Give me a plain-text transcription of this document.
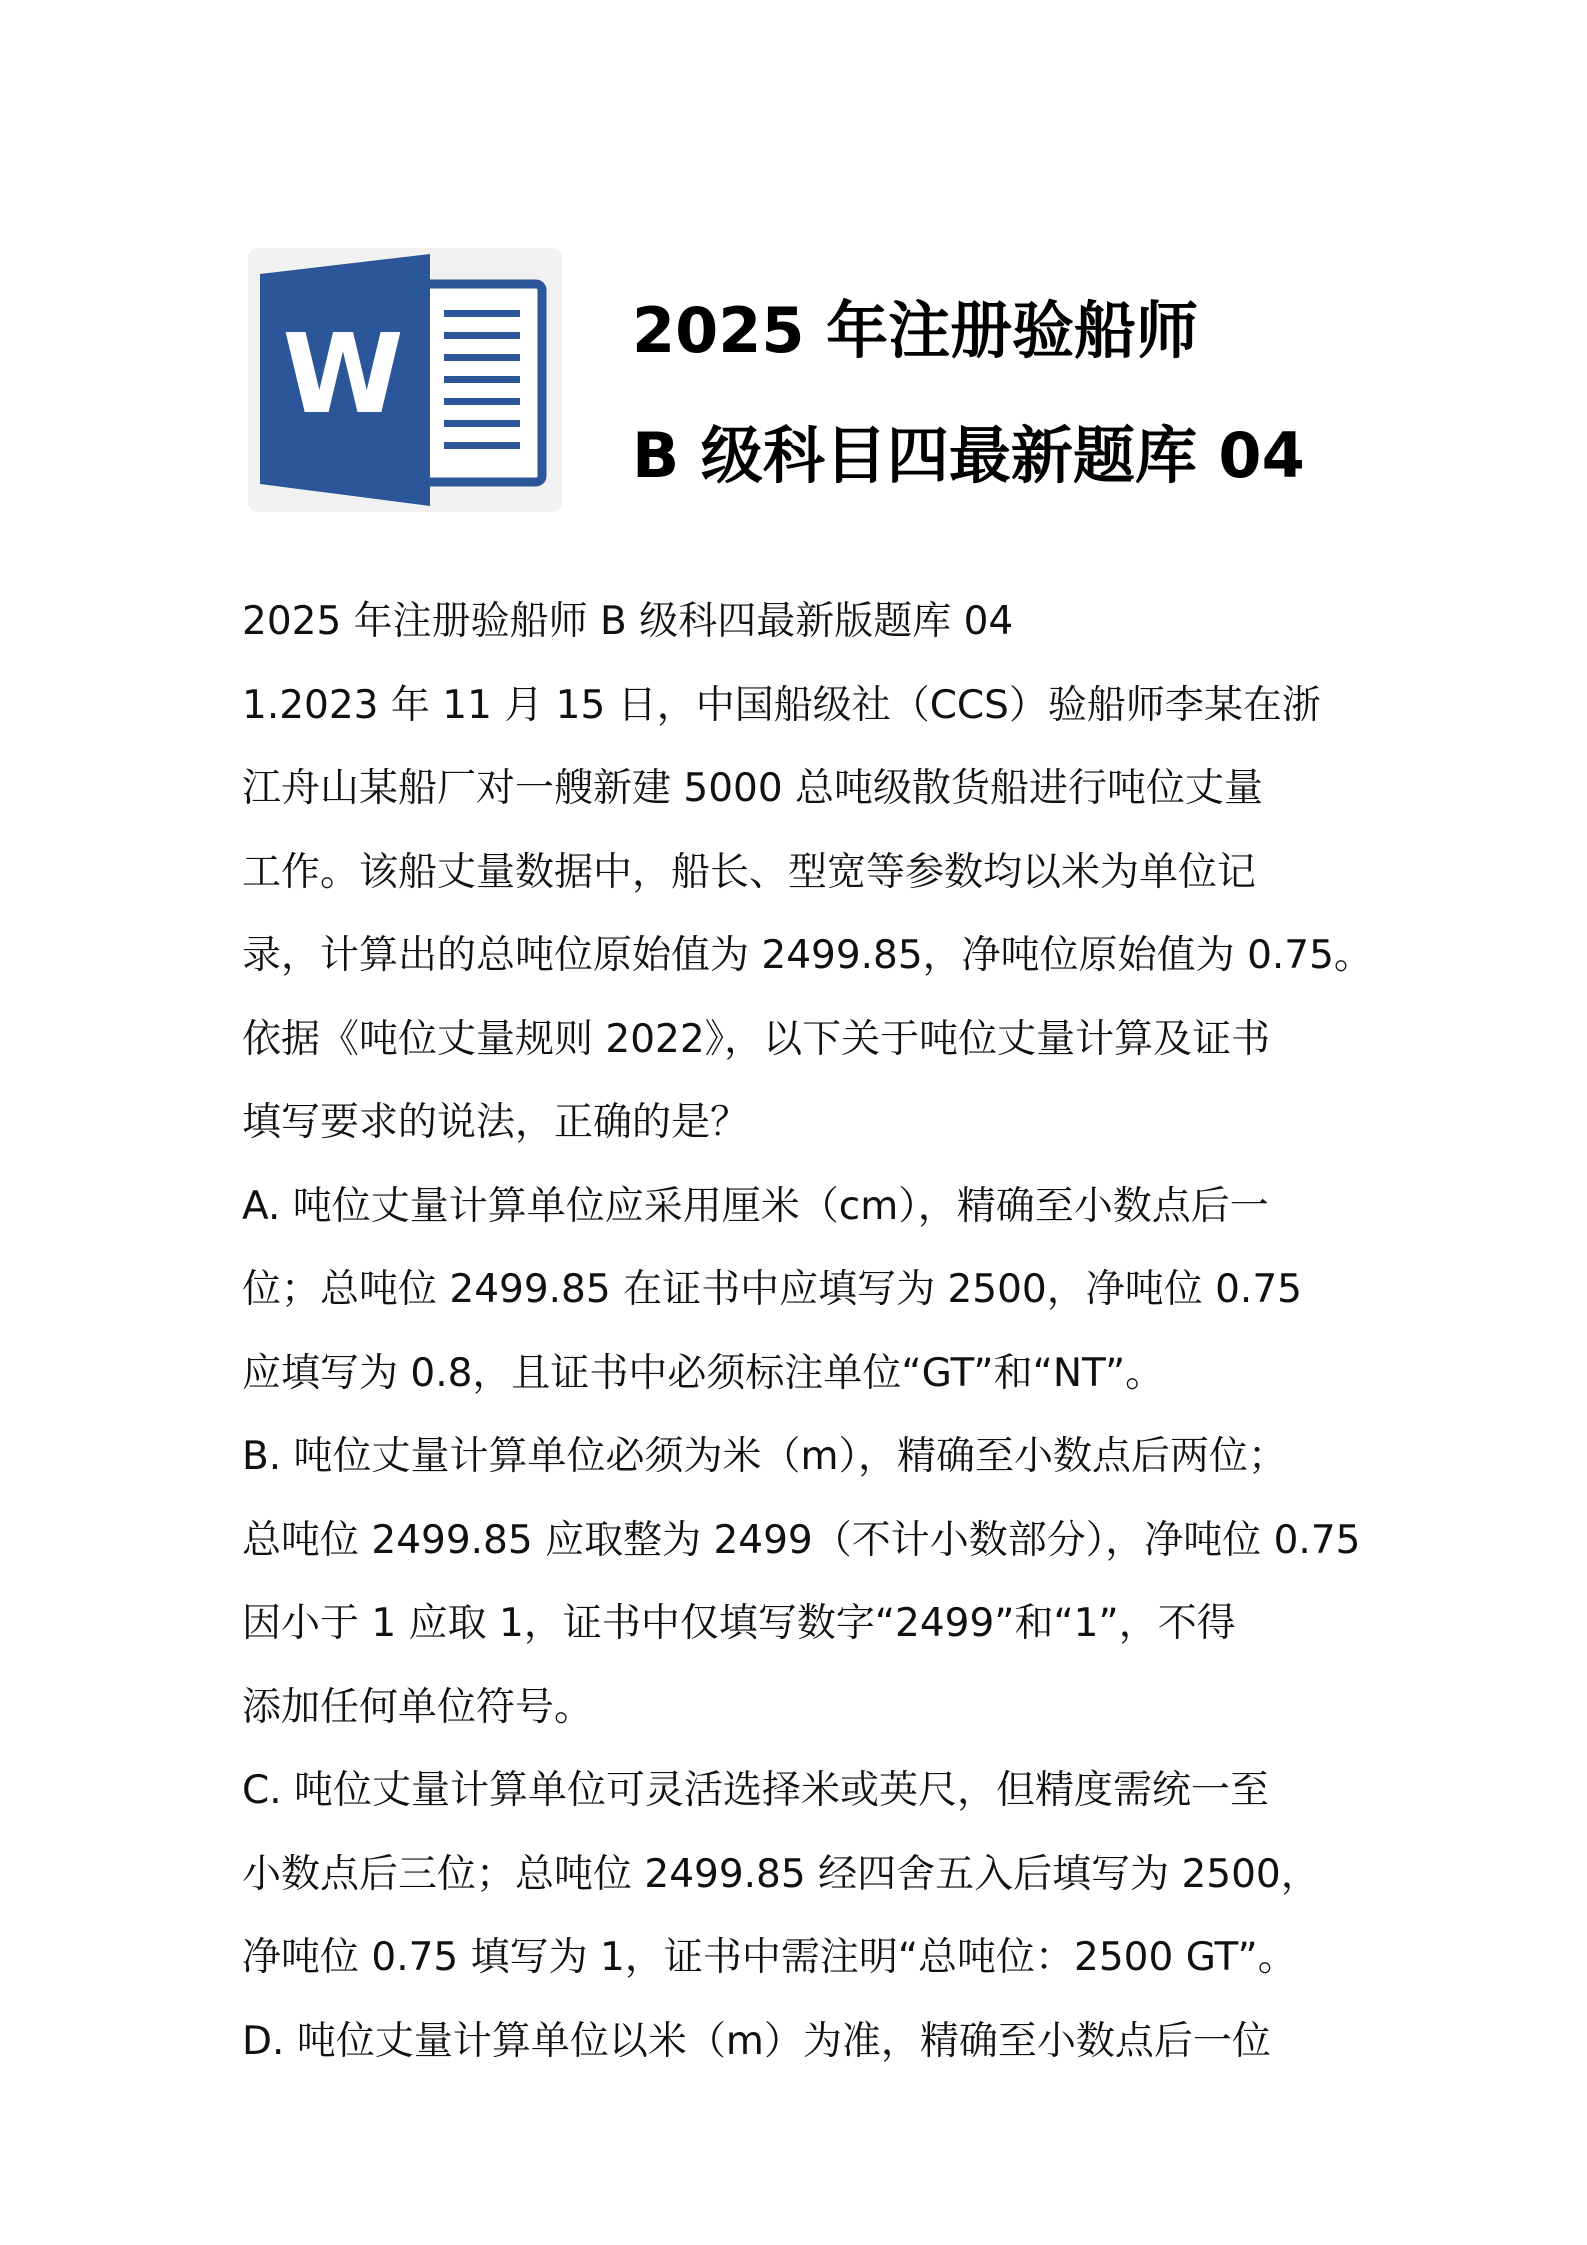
W	2025 年注册验船师
B 级科目四最新题库 04
2025 年注册验船师 B 级科四最新版题库 04
1.2023 年 11 月 15 日，中国船级社（CCS）验船师李某在浙
江舟山某船厂对一艘新建 5000 总吨级散货船进行吨位丈量
工作。该船丈量数据中，船长、型宽等参数均以米为单位记
录，计算出的总吨位原始值为 2499.85，净吨位原始值为 0.75。
依据《吨位丈量规则 2022》，以下关于吨位丈量计算及证书
填写要求的说法，正确的是？
A. 吨位丈量计算单位应采用厘米（cm），精确至小数点后一
位；总吨位 2499.85 在证书中应填写为 2500，净吨位 0.75
应填写为 0.8，且证书中必须标注单位“GT”和“NT”。
B. 吨位丈量计算单位必须为米（m），精确至小数点后两位；
总吨位 2499.85 应取整为 2499（不计小数部分），净吨位 0.75
因小于 1 应取 1，证书中仅填写数字“2499”和“1”，不得
添加任何单位符号。
C. 吨位丈量计算单位可灵活选择米或英尺，但精度需统一至
小数点后三位；总吨位 2499.85 经四舍五入后填写为 2500，
净吨位 0.75 填写为 1，证书中需注明“总吨位：2500 GT”。
D. 吨位丈量计算单位以米（m）为准，精确至小数点后一位
